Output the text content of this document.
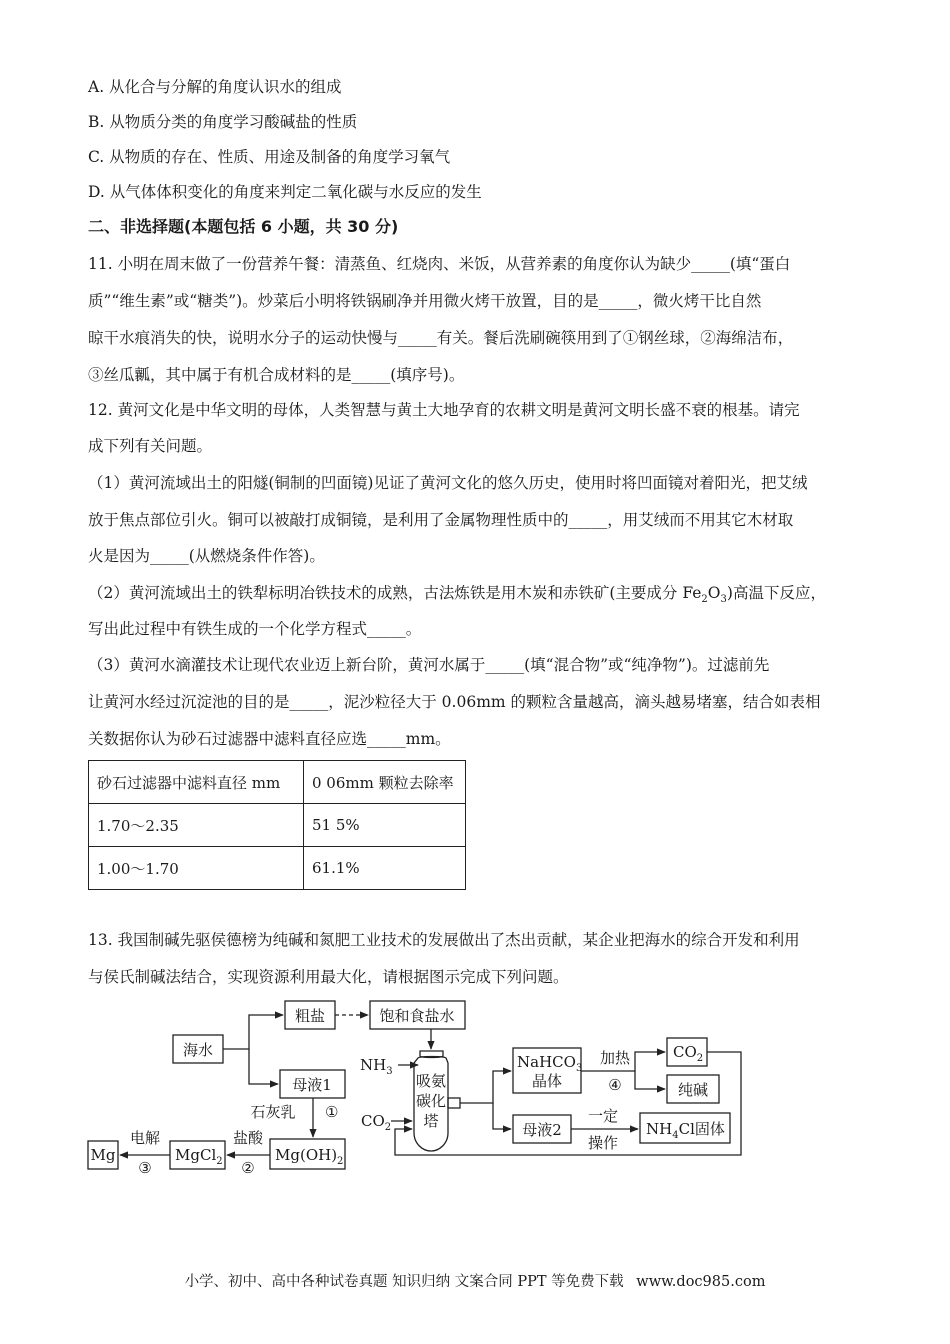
A. 从化合与分解的角度认识水的组成
B. 从物质分类的角度学习酸碱盐的性质
C. 从物质的存在、性质、用途及制备的角度学习氧气
D. 从气体体积变化的角度来判定二氧化碳与水反应的发生
二、非选择题(本题包括 6 小题，共 30 分)
11. 小明在周末做了一份营养午餐：清蒸鱼、红烧肉、米饭，从营养素的角度你认为缺少_____(填“蛋白
质”“维生素”或“糖类”)。炒菜后小明将铁锅刷净并用微火烤干放置，目的是_____，微火烤干比自然
晾干水痕消失的快，说明水分子的运动快慢与_____有关。餐后洗刷碗筷用到了①钢丝球，②海绵洁布，
③丝瓜瓤，其中属于有机合成材料的是_____(填序号)。
12. 黄河文化是中华文明的母体，人类智慧与黄土大地孕育的农耕文明是黄河文明长盛不衰的根基。请完
成下列有关问题。
（1）黄河流域出土的阳燧(铜制的凹面镜)见证了黄河文化的悠久历史，使用时将凹面镜对着阳光，把艾绒
放于焦点部位引火。铜可以被敲打成铜镜，是利用了金属物理性质中的_____，用艾绒而不用其它木材取
火是因为_____(从燃烧条件作答)。
（2）黄河流域出土的铁犁标明冶铁技术的成熟，古法炼铁是用木炭和赤铁矿(主要成分 $Fe_2O_3$)高温下反应，
写出此过程中有铁生成的一个化学方程式_____。
（3）黄河水滴灌技术让现代农业迈上新台阶，黄河水属于_____(填“混合物”或“纯净物”)。过滤前先
让黄河水经过沉淀池的目的是_____，泥沙粒径大于 0.06mm 的颗粒含量越高，滴头越易堵塞，结合如表相
关数据你认为砂石过滤器中滤料直径应选_____mm。
砂石过滤器中滤料直径 mm	0 06mm 颗粒去除率
1.70～2.35	51 5%
1.00～1.70	61.1%
13. 我国制碱先驱侯德榜为纯碱和氮肥工业技术的发展做出了杰出贡献，某企业把海水的综合开发和利用
与侯氏制碱法结合，实现资源利用最大化，请根据图示完成下列问题。
海水
粗盐	饱和食盐水
母液1
石灰乳 ①
$Mg(OH)_2$
盐酸
②
MgCl$_2$
电解
③
Mg
$NH_3$
$CO_2$
吸氨
碳化
塔
NaHCO$_3$
晶体
加热
④
$CO_2$
纯碱
母液2
一定
操作
$NH_4Cl$固体
小学、初中、高中各种试卷真题 知识归纳 文案合同 PPT 等免费下载 www.doc985.com
